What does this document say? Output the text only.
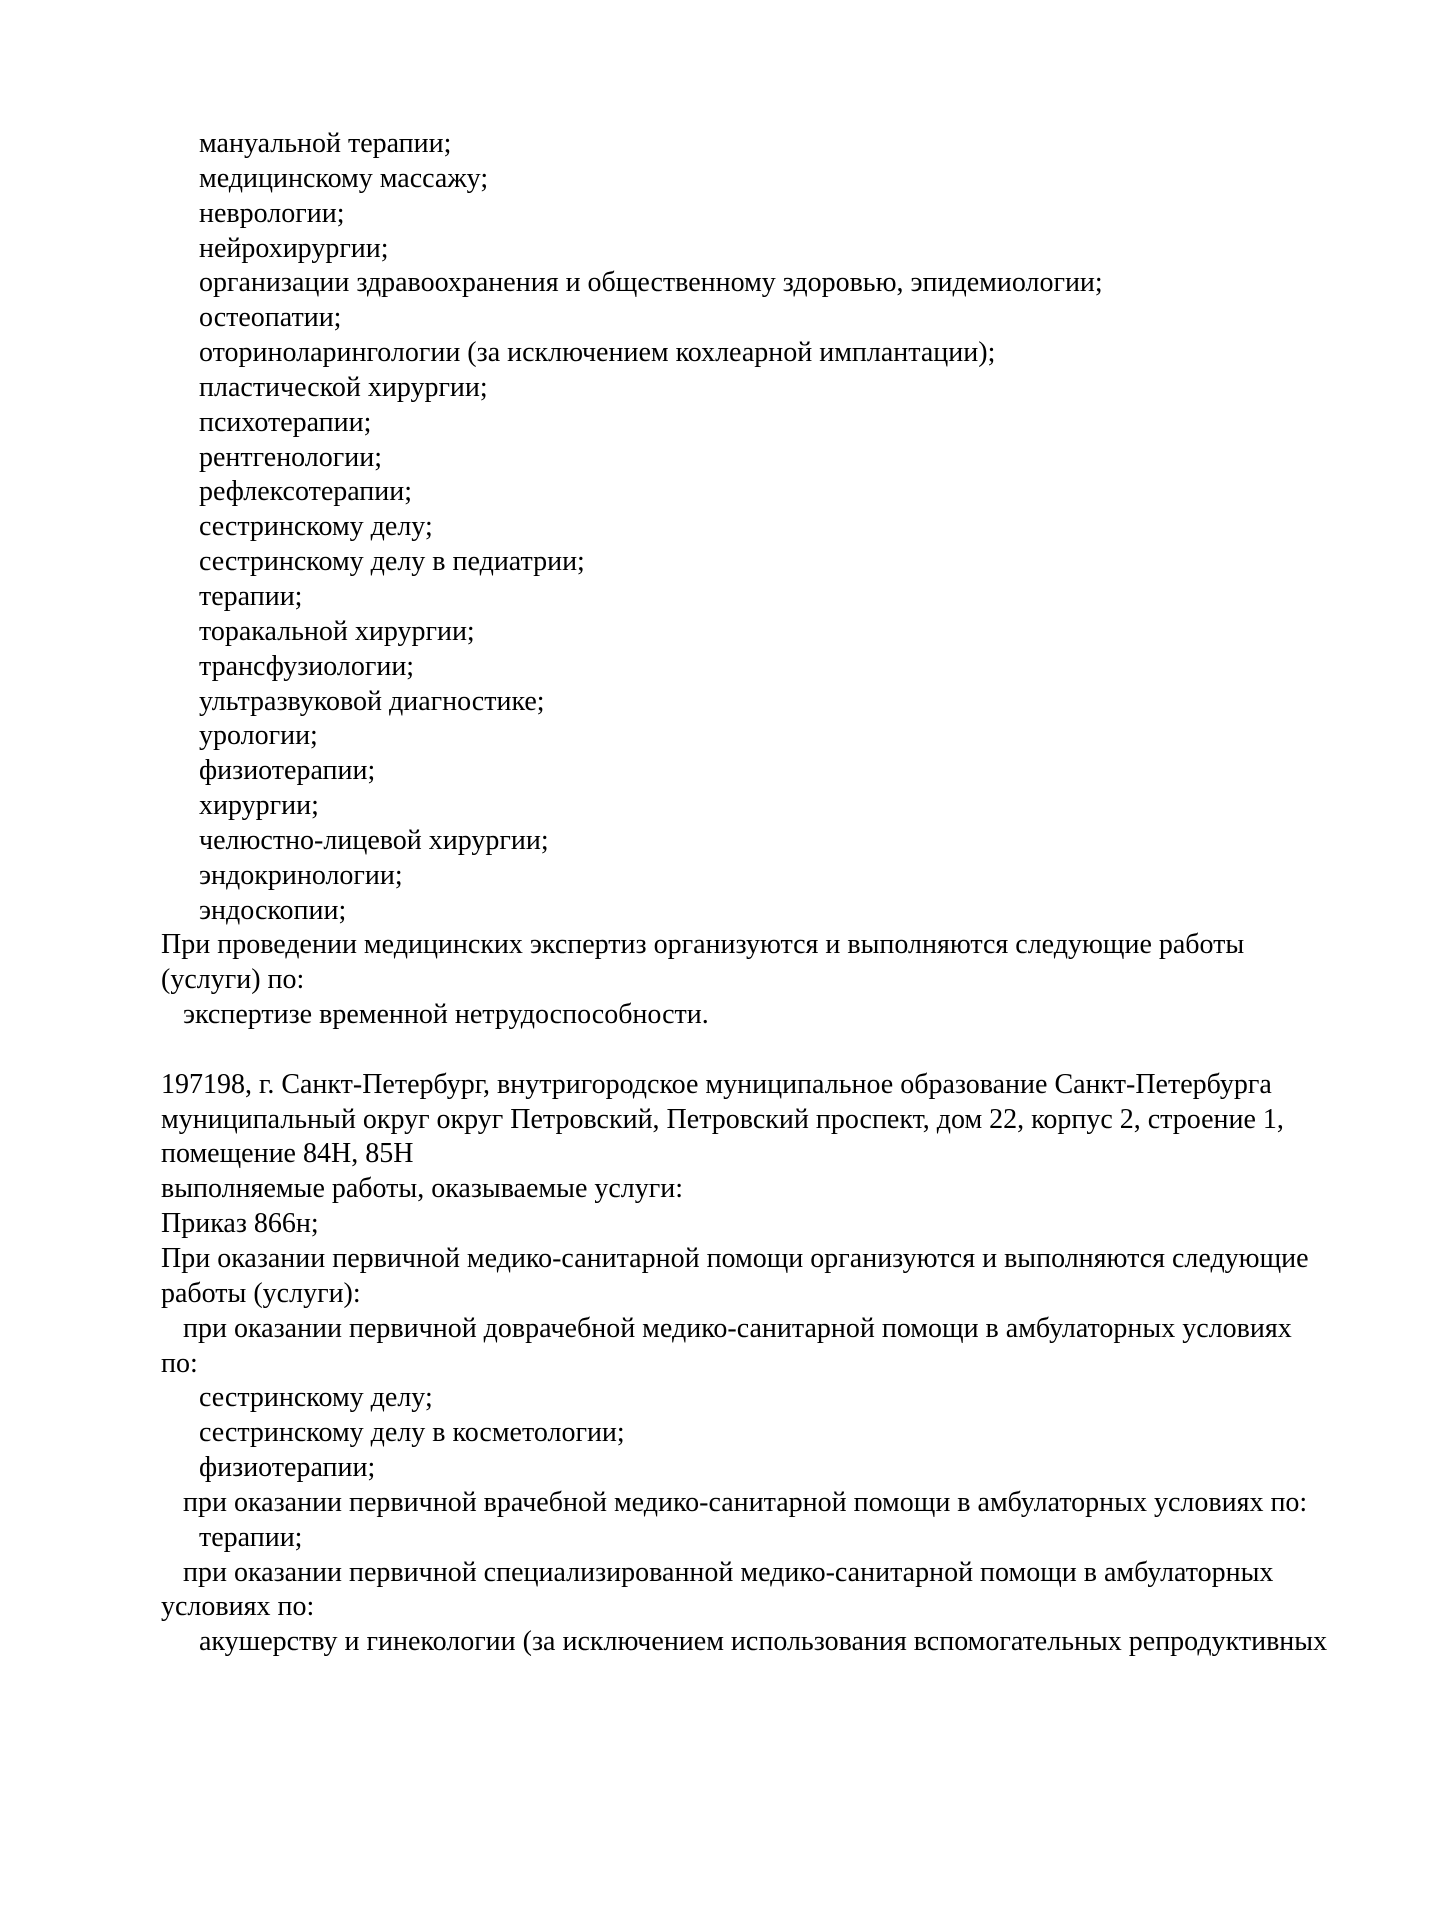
мануальной терапии;
медицинскому массажу;
неврологии;
нейрохирургии;
организации здравоохранения и общественному здоровью, эпидемиологии;
остеопатии;
оториноларингологии (за исключением кохлеарной имплантации);
пластической хирургии;
психотерапии;
рентгенологии;
рефлексотерапии;
сестринскому делу;
сестринскому делу в педиатрии;
терапии;
торакальной хирургии;
трансфузиологии;
ультразвуковой диагностике;
урологии;
физиотерапии;
хирургии;
челюстно-лицевой хирургии;
эндокринологии;
эндоскопии;
При проведении медицинских экспертиз организуются и выполняются следующие работы
(услуги) по:
экспертизе временной нетрудоспособности.

197198, г. Санкт-Петербург, внутригородское муниципальное образование Санкт-Петербурга
муниципальный округ округ Петровский, Петровский проспект, дом 22, корпус 2, строение 1,
помещение 84Н, 85Н
выполняемые работы, оказываемые услуги:
Приказ 866н;
При оказании первичной медико-санитарной помощи организуются и выполняются следующие
работы (услуги):
при оказании первичной доврачебной медико-санитарной помощи в амбулаторных условиях
по:
сестринскому делу;
сестринскому делу в косметологии;
физиотерапии;
при оказании первичной врачебной медико-санитарной помощи в амбулаторных условиях по:
терапии;
при оказании первичной специализированной медико-санитарной помощи в амбулаторных
условиях по:
акушерству и гинекологии (за исключением использования вспомогательных репродуктивных
